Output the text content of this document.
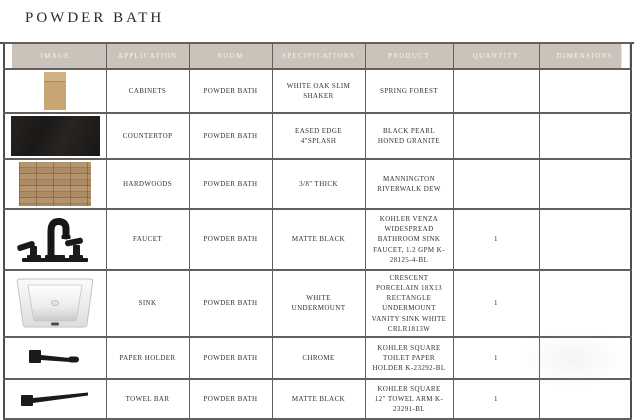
POWDER BATH
IMAGE	APPLICATION	ROOM	SPECIFICATIONS	PRODUCT	QUANTITY	DIMENSIONS

	CABINETS	POWDER BATH	WHITE OAK SLIM SHAKER	SPRING FOREST		

	COUNTERTOP	POWDER BATH	EASED EDGE 4"SPLASH	BLACK PEARL HONED GRANITE		

	HARDWOODS	POWDER BATH	3/8" THICK	MANNINGTON RIVERWALK DEW		

	FAUCET	POWDER BATH	MATTE BLACK	KOHLER VENZA WIDESPREAD BATHROOM SINK FAUCET, 1.2 GPM K-28125-4-BL	1	

	SINK	POWDER BATH	WHITE UNDERMOUNT	CRESCENT PORCELAIN 18X13 RECTANGLE UNDERMOUNT VANITY SINK WHITE CRLR1813W	1	

	PAPER HOLDER	POWDER BATH	CHROME	KOHLER SQUARE TOILET PAPER HOLDER K-23292-BL	1	

	TOWEL BAR	POWDER BATH	MATTE BLACK	KOHLER SQUARE 12" TOWEL ARM K-23291-BL	1	
